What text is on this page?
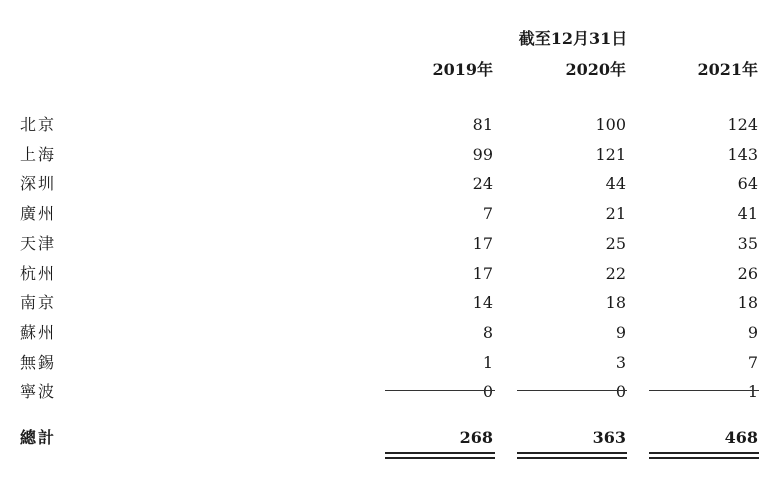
截至12月31日
2019年	2020年	2021年
北京	81	100	124
上海	99	121	143
深圳	24	44	64
廣州	7	21	41
天津	17	25	35
杭州	17	22	26
南京	14	18	18
蘇州	8	9	9
無錫	1	3	7
寧波	0	0	1
總計	268	363	468
